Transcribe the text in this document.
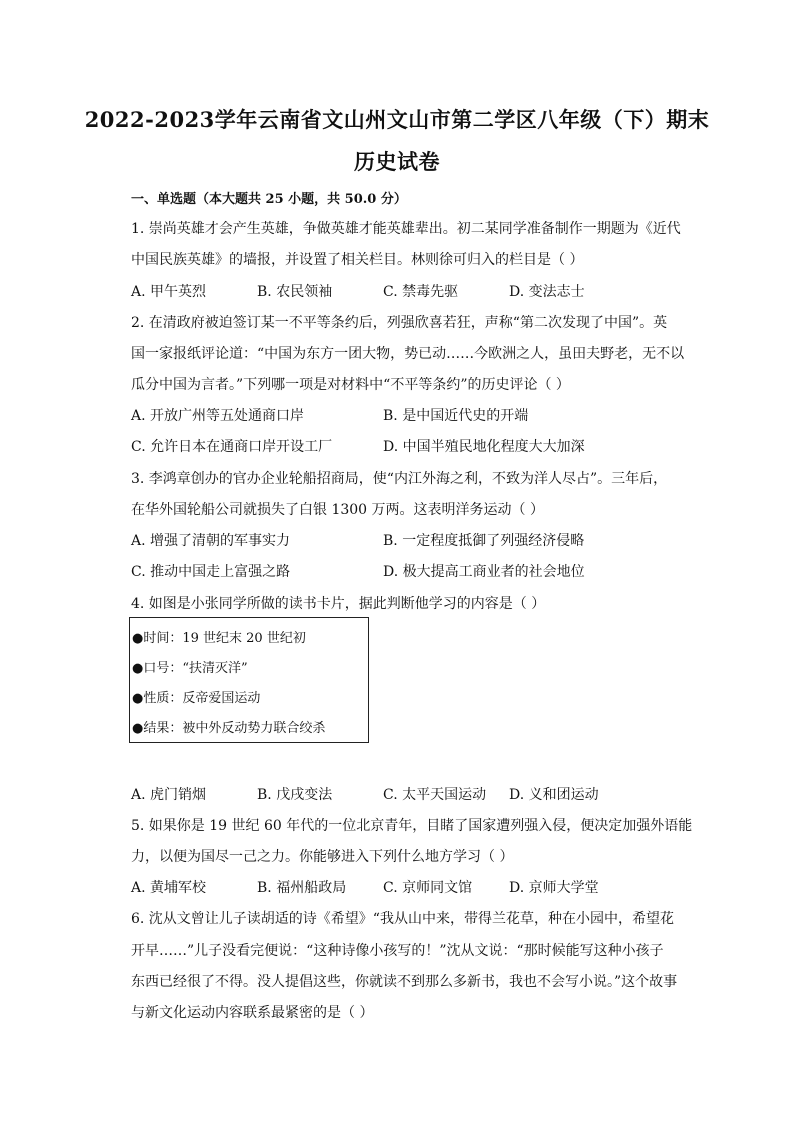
2022-2023学年云南省文山州文山市第二学区八年级（下）期末
历史试卷
一、单选题（本大题共 25 小题，共 50.0 分）
1. 崇尚英雄才会产生英雄，争做英雄才能英雄辈出。初二某同学准备制作一期题为《近代
中国民族英雄》的墙报，并设置了相关栏目。林则徐可归入的栏目是（ ）
A. 甲午英烈	B. 农民领袖	C. 禁毒先驱	D. 变法志士
2. 在清政府被迫签订某一不平等条约后，列强欣喜若狂，声称“第二次发现了中国”。英
国一家报纸评论道：“中国为东方一团大物，势已动……今欧洲之人，虽田夫野老，无不以
瓜分中国为言者。”下列哪一项是对材料中“不平等条约”的历史评论（ ）
A. 开放广州等五处通商口岸	B. 是中国近代史的开端
C. 允许日本在通商口岸开设工厂	D. 中国半殖民地化程度大大加深
3. 李鸿章创办的官办企业轮船招商局，使“内江外海之利，不致为洋人尽占”。三年后，
在华外国轮船公司就损失了白银 1300 万两。这表明洋务运动（ ）
A. 增强了清朝的军事实力	B. 一定程度抵御了列强经济侵略
C. 推动中国走上富强之路	D. 极大提高工商业者的社会地位
4. 如图是小张同学所做的读书卡片，据此判断他学习的内容是（ ）
●时间：19 世纪末 20 世纪初
●口号：“扶清灭洋”
●性质：反帝爱国运动
●结果：被中外反动势力联合绞杀
A. 虎门销烟	B. 戊戌变法	C. 太平天国运动 D. 义和团运动
5. 如果你是 19 世纪 60 年代的一位北京青年，目睹了国家遭列强入侵，便决定加强外语能
力，以便为国尽一己之力。你能够进入下列什么地方学习（ ）
A. 黄埔军校	B. 福州船政局	C. 京师同文馆	D. 京师大学堂
6. 沈从文曾让儿子读胡适的诗《希望》“我从山中来，带得兰花草，种在小园中，希望花
开早……”儿子没看完便说：“这种诗像小孩写的！”沈从文说：“那时候能写这种小孩子
东西已经很了不得。没人提倡这些，你就读不到那么多新书，我也不会写小说。”这个故事
与新文化运动内容联系最紧密的是（ ）
